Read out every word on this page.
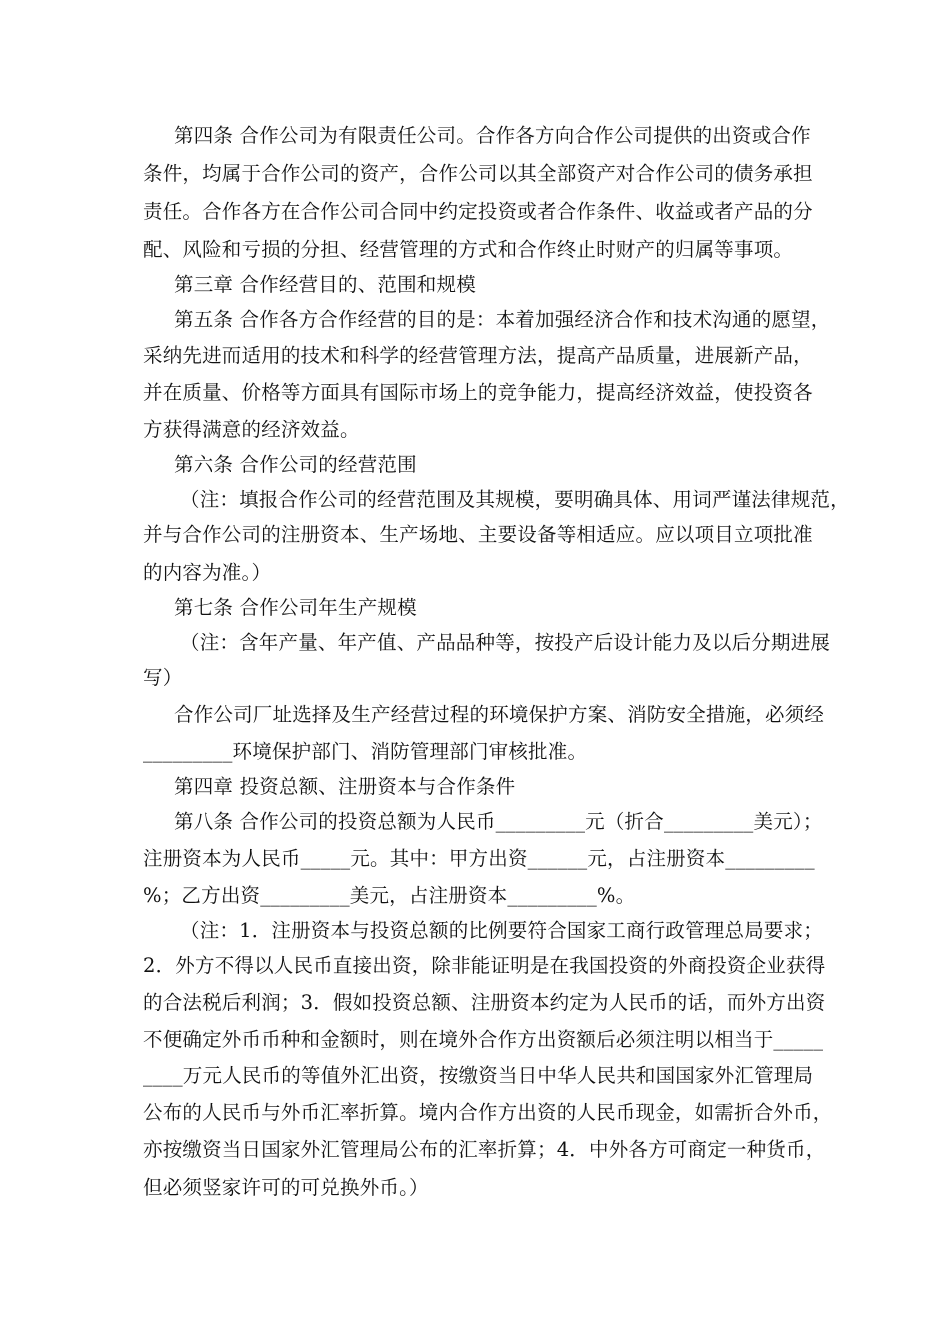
第四条 合作公司为有限责任公司。合作各方向合作公司提供的出资或合作

条件，均属于合作公司的资产，合作公司以其全部资产对合作公司的债务承担

责任。合作各方在合作公司合同中约定投资或者合作条件、收益或者产品的分

配、风险和亏损的分担、经营管理的方式和合作终止时财产的归属等事项。

第三章 合作经营目的、范围和规模

第五条 合作各方合作经营的目的是：本着加强经济合作和技术沟通的愿望，

采纳先进而适用的技术和科学的经营管理方法，提高产品质量，进展新产品，

并在质量、价格等方面具有国际市场上的竞争能力，提高经济效益，使投资各

方获得满意的经济效益。

第六条 合作公司的经营范围

（注：填报合作公司的经营范围及其规模，要明确具体、用词严谨法律规范，

并与合作公司的注册资本、生产场地、主要设备等相适应。应以项目立项批准

的内容为准。）

第七条 合作公司年生产规模

（注：含年产量、年产值、产品品种等，按投产后设计能力及以后分期进展

写）

合作公司厂址选择及生产经营过程的环境保护方案、消防安全措施，必须经

_________环境保护部门、消防管理部门审核批准。

第四章 投资总额、注册资本与合作条件

第八条 合作公司的投资总额为人民币_________元（折合_________美元）；

注册资本为人民币_____元。其中：甲方出资______元，占注册资本_________

%；乙方出资_________美元，占注册资本_________%。

（注：1．注册资本与投资总额的比例要符合国家工商行政管理总局要求；

2．外方不得以人民币直接出资，除非能证明是在我国投资的外商投资企业获得

的合法税后利润；3．假如投资总额、注册资本约定为人民币的话，而外方出资

不便确定外币币种和金额时，则在境外合作方出资额后必须注明以相当于_____

____万元人民币的等值外汇出资，按缴资当日中华人民共和国国家外汇管理局

公布的人民币与外币汇率折算。境内合作方出资的人民币现金，如需折合外币，

亦按缴资当日国家外汇管理局公布的汇率折算；4．中外各方可商定一种货币，

但必须竖家许可的可兑换外币。）
